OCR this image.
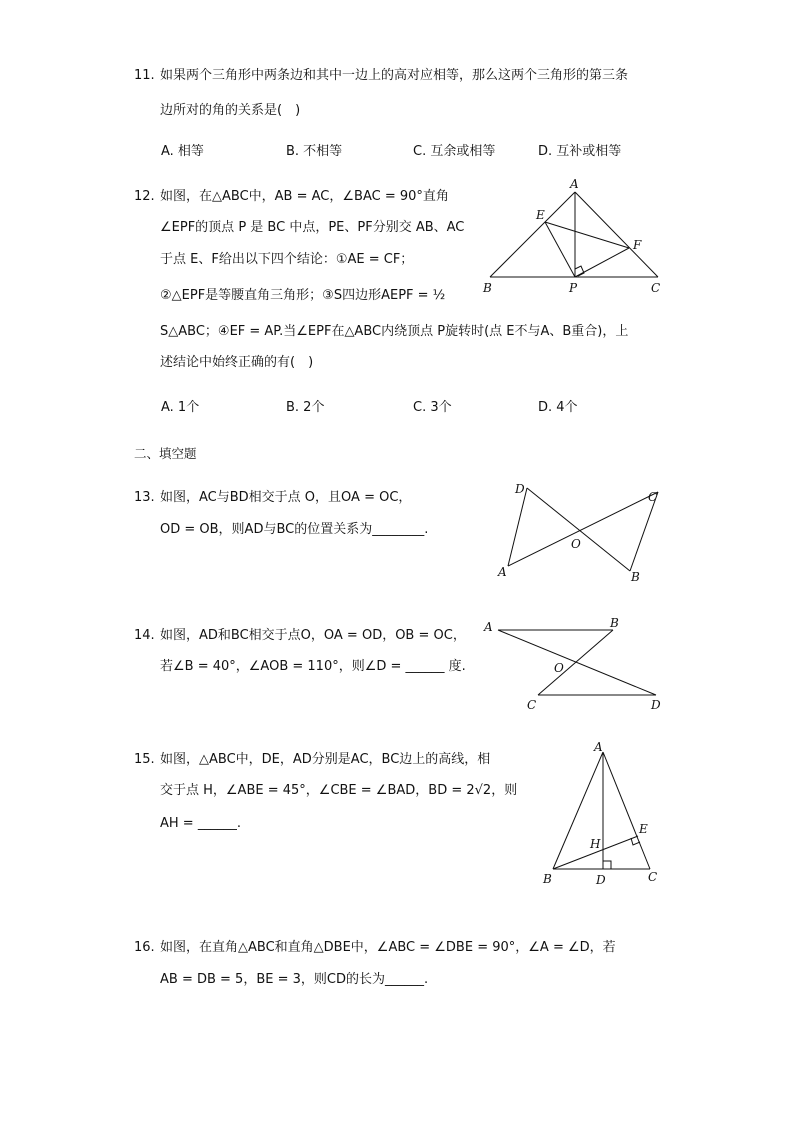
11. 如果两个三角形中两条边和其中一边上的高对应相等，那么这两个三角形的第三条
边所对的角的关系是(　)
A. 相等	B. 不相等	C. 互余或相等	D. 互补或相等
12. 如图，在△ABC中，AB = AC，∠BAC = 90°直角
∠EPF的顶点 P 是 BC 中点，PE、PF分别交 AB、AC
于点 E、F给出以下四个结论：①AE = CF；
②△EPF是等腰直角三角形；③S四边形AEPF = ½
S△ABC；④EF = AP.当∠EPF在△ABC内绕顶点 P旋转时(点 E不与A、B重合)，上
述结论中始终正确的有(　)
A. 1个	B. 2个	C. 3个	D. 4个
A
E
F
B	P	C
二、填空题
13. 如图，AC与BD相交于点 O，且OA = OC，
OD = OB，则AD与BC的位置关系为________.
D
C
O
A	B
14. 如图，AD和BC相交于点O，OA = OD，OB = OC，
若∠B = 40°，∠AOB = 110°，则∠D = ______ 度.
A	B
O
C	D
15. 如图，△ABC中，DE，AD分别是AC，BC边上的高线，相
交于点 H，∠ABE = 45°，∠CBE = ∠BAD，BD = 2√2，则
AH = ______.
A
E
H
B	D	C
16. 如图，在直角△ABC和直角△DBE中，∠ABC = ∠DBE = 90°，∠A = ∠D，若
AB = DB = 5，BE = 3，则CD的长为______.
